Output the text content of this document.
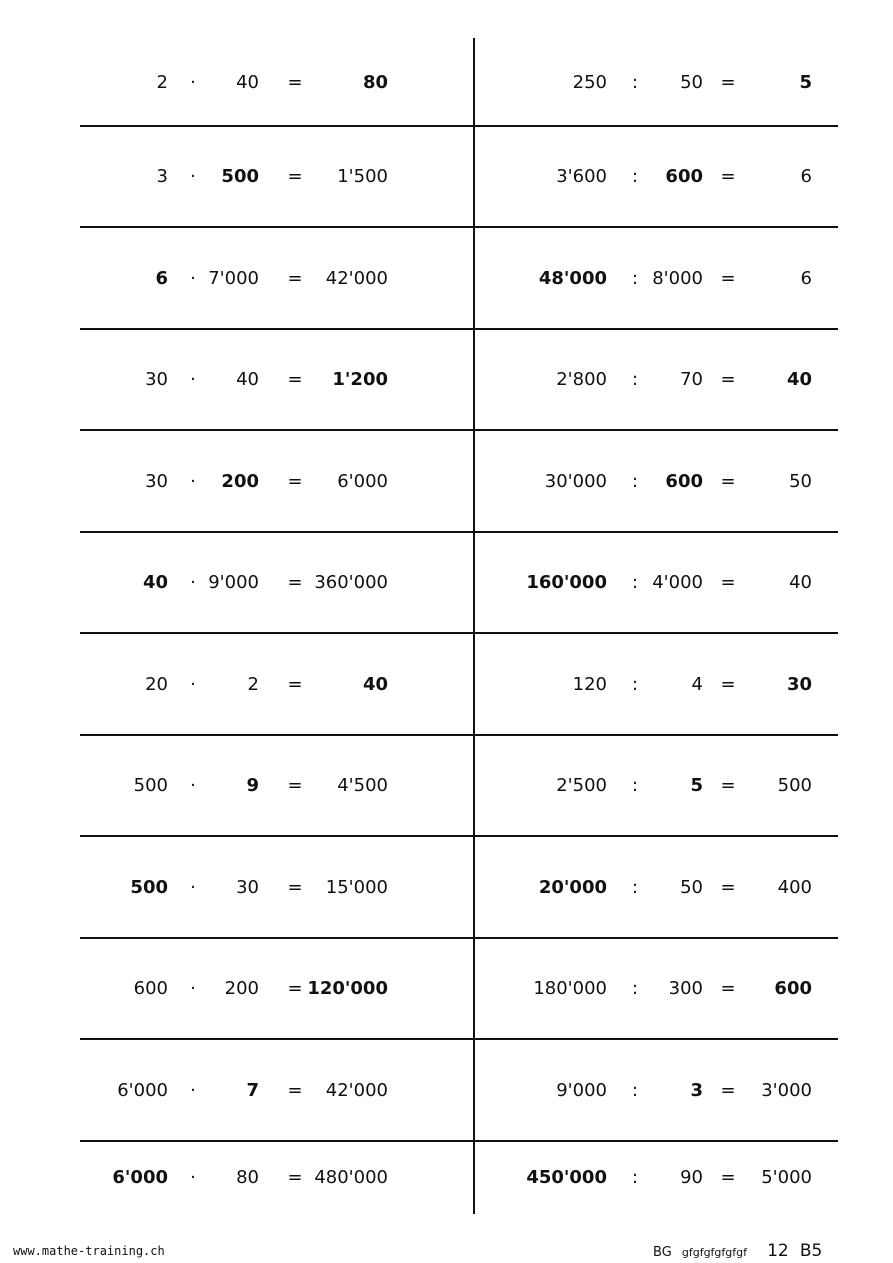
2	·	40 =	80	250	:	50 =	5
3	·	500 =	1'500	3'600	:	600 =	6
6	· 7'000 =	42'000	48'000	: 8'000 =	6
30	·	40 =	1'200	2'800	:	70 =	40
30	·	200 =	6'000	30'000	:	600 =	50
40	· 9'000 = 360'000	160'000	: 4'000 =	40
20	·	2 =	40	120	:	4 =	30
500	·	9 =	4'500	2'500	:	5 =	500
500	·	30 =	15'000	20'000	:	50 =	400
600	·	200 = 120'000	180'000	:	300 =	600
6'000	·	7 =	42'000	9'000	:	3 =	3'000
6'000	·	80 = 480'000	450'000	:	90 =	5'000
www.mathe-training.ch	BG gfgfgfgfgfgf 12 B5
